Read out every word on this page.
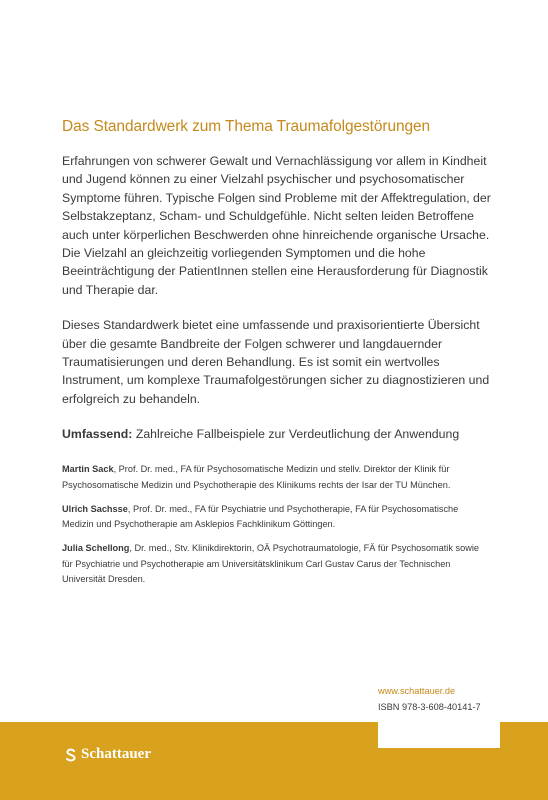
Das Standardwerk zum Thema Traumafolgestörungen

Erfahrungen von schwerer Gewalt und Vernachlässigung vor allem in Kindheit und Jugend können zu einer Vielzahl psychischer und psychosomatischer Symptome führen. Typische Folgen sind Probleme mit der Affektregulation, der Selbstakzeptanz, Scham- und Schuldgefühle. Nicht selten leiden Betroffene auch unter körperlichen Beschwerden ohne hinreichende organische Ursache. Die Vielzahl an gleichzeitig vorliegenden Symptomen und die hohe Beeinträchtigung der PatientInnen stellen eine Herausforderung für Diagnostik und Therapie dar.

Dieses Standardwerk bietet eine umfassende und praxisorientierte Übersicht über die gesamte Bandbreite der Folgen schwerer und langdauernder Traumatisierungen und deren Behandlung. Es ist somit ein wertvolles Instrument, um komplexe Traumafolgestörungen sicher zu diagnostizieren und erfolgreich zu behandeln.

Umfassend: Zahlreiche Fallbeispiele zur Verdeutlichung der Anwendung

Martin Sack, Prof. Dr. med., FA für Psychosomatische Medizin und stellv. Direktor der Klinik für Psychosomatische Medizin und Psychotherapie des Klinikums rechts der Isar der TU München.

Ulrich Sachsse, Prof. Dr. med., FA für Psychiatrie und Psychotherapie, FA für Psychosomatische Medizin und Psychotherapie am Asklepios Fachklinikum Göttingen.

Julia Schellong, Dr. med., Stv. Klinikdirektorin, OÄ Psychotraumatologie, FÄ für Psychosomatik sowie für Psychiatrie und Psychotherapie am Universitätsklinikum Carl Gustav Carus der Technischen Universität Dresden.

www.schattauer.de
ISBN 978-3-608-40141-7
Schattauer
